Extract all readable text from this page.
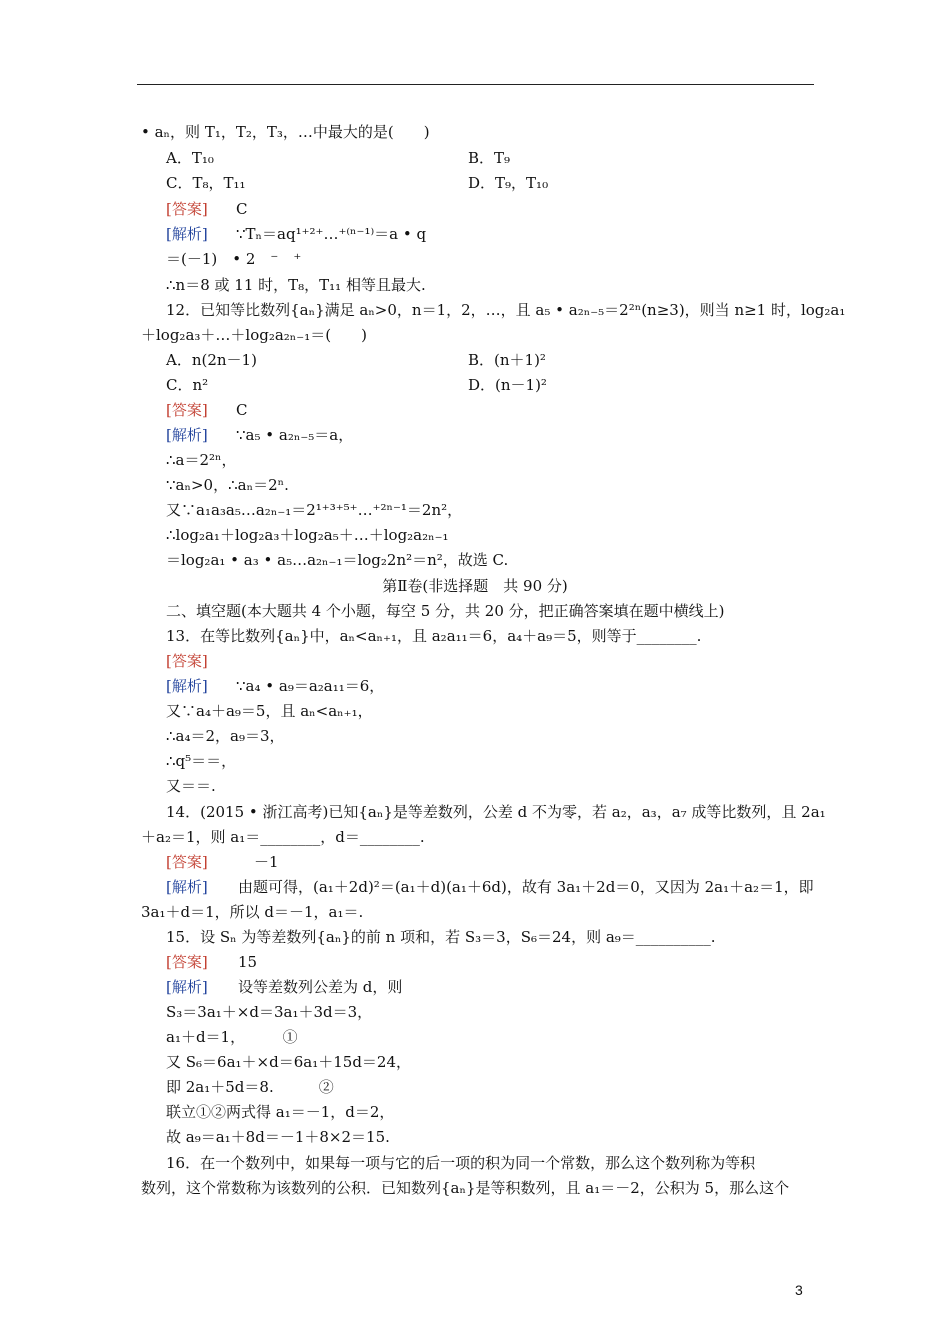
• aₙ，则 T₁，T₂，T₃，…中最大的是(　　)
A．T₁₀	B．T₉
C．T₈，T₁₁	D．T₉，T₁₀
[答案] C
[解析] ∵Tₙ＝aq¹⁺²⁺…⁺⁽ⁿ⁻¹⁾＝a • q
＝(－1)　• 2　⁻　⁺
∴n＝8 或 11 时，T₈，T₁₁ 相等且最大.
12．已知等比数列{aₙ}满足 aₙ>0，n＝1，2，…，且 a₅ • a₂ₙ₋₅＝2²ⁿ(n≥3)，则当 n≥1 时，log₂a₁
＋log₂a₃＋…＋log₂a₂ₙ₋₁＝(　　)
A．n(2n－1)	B．(n＋1)²
C．n²	D．(n－1)²
[答案] C
[解析] ∵a₅ • a₂ₙ₋₅＝a，
∴a＝2²ⁿ，
∵aₙ>0，∴aₙ＝2ⁿ.
又∵a₁a₃a₅…a₂ₙ₋₁＝2¹⁺³⁺⁵⁺…⁺²ⁿ⁻¹＝2n²，
∴log₂a₁＋log₂a₃＋log₂a₅＋…＋log₂a₂ₙ₋₁
＝log₂a₁ • a₃ • a₅…a₂ₙ₋₁＝log₂2n²＝n²，故选 C.
第Ⅱ卷(非选择题　共 90 分)
二、填空题(本大题共 4 个小题，每空 5 分，共 20 分，把正确答案填在题中横线上)
13．在等比数列{aₙ}中，aₙ<aₙ₊₁，且 a₂a₁₁＝6，a₄＋a₉＝5，则等于________.
[答案]
[解析] ∵a₄ • a₉＝a₂a₁₁＝6，
又∵a₄＋a₉＝5，且 aₙ<aₙ₊₁，
∴a₄＝2，a₉＝3，
∴q⁵＝＝，
又＝＝.
14．(2015 • 浙江高考)已知{aₙ}是等差数列，公差 d 不为零，若 a₂，a₃，a₇ 成等比数列，且 2a₁
＋a₂＝1，则 a₁＝________，d＝________.
[答案]	－1
[解析] 由题可得，(a₁＋2d)²＝(a₁＋d)(a₁＋6d)，故有 3a₁＋2d＝0，又因为 2a₁＋a₂＝1，即
3a₁＋d＝1，所以 d＝－1，a₁＝.
15．设 Sₙ 为等差数列{aₙ}的前 n 项和，若 S₃＝3，S₆＝24，则 a₉＝__________.
[答案] 15
[解析] 设等差数列公差为 d，则
S₃＝3a₁＋×d＝3a₁＋3d＝3，
a₁＋d＝1，　　　①
又 S₆＝6a₁＋×d＝6a₁＋15d＝24，
即 2a₁＋5d＝8.　　　②
联立①②两式得 a₁＝－1，d＝2，
故 a₉＝a₁＋8d＝－1＋8×2＝15.
16．在一个数列中，如果每一项与它的后一项的积为同一个常数，那么这个数列称为等积
数列，这个常数称为该数列的公积．已知数列{aₙ}是等积数列，且 a₁＝－2，公积为 5，那么这个
3
